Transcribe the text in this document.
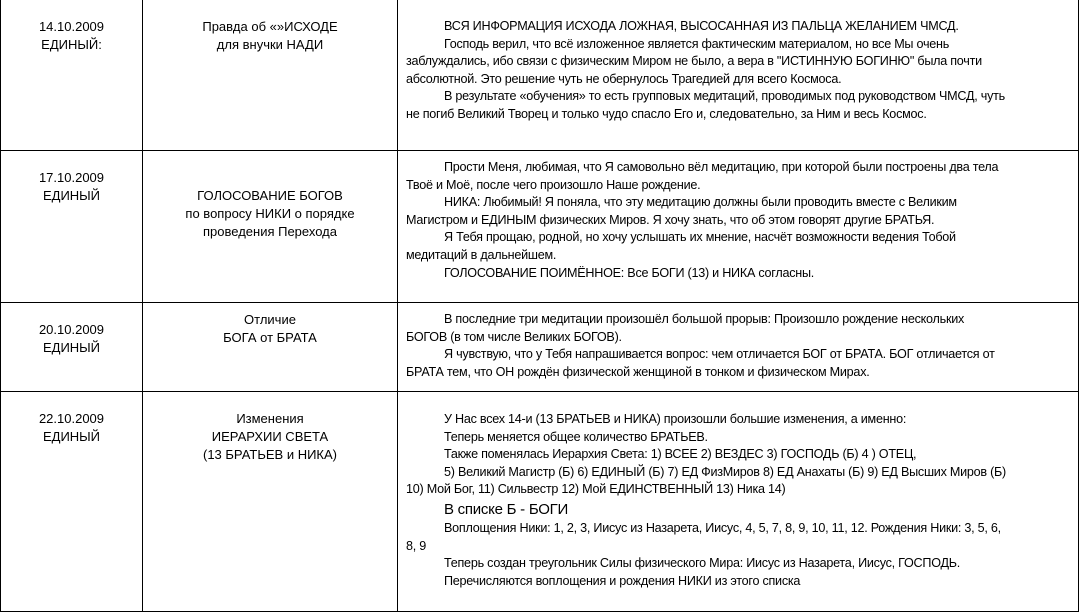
14.10.2009
ЕДИНЫЙ:
Правда об «»ИСХОДЕ
для внучки НАДИ
ВСЯ ИНФОРМАЦИЯ ИСХОДА ЛОЖНАЯ, ВЫСОСАННАЯ ИЗ ПАЛЬЦА ЖЕЛАНИЕМ ЧМСД.
Господь верил, что всё изложенное является фактическим материалом, но все Мы очень
заблуждались, ибо связи с физическим Миром не было, а вера в "ИСТИННУЮ БОГИНЮ" была почти
абсолютной. Это решение чуть не обернулось Трагедией для всего Космоса.
В результате «обучения» то есть групповых медитаций, проводимых под руководством ЧМСД, чуть
не погиб Великий Творец и только чудо спасло Его и, следовательно, за Ним и весь Космос.
17.10.2009
ЕДИНЫЙ	ГОЛОСОВАНИЕ БОГОВ
по вопросу НИКИ о порядке
проведения Перехода
Прости Меня, любимая, что Я самовольно вёл медитацию, при которой были построены два тела
Твоё и Моё, после чего произошло Наше рождение.
НИКА: Любимый! Я поняла, что эту медитацию должны были проводить вместе с Великим
Магистром и ЕДИНЫМ физических Миров. Я хочу знать, что об этом говорят другие БРАТЬЯ.
Я Тебя прощаю, родной, но хочу услышать их мнение, насчёт возможности ведения Тобой
медитаций в дальнейшем.
ГОЛОСОВАНИЕ ПОИМЁННОЕ: Все БОГИ (13) и НИКА согласны.
20.10.2009
ЕДИНЫЙ
Отличие
БОГА от БРАТА
В последние три медитации произошёл большой прорыв: Произошло рождение нескольких
БОГОВ (в том числе Великих БОГОВ).
Я чувствую, что у Тебя напрашивается вопрос: чем отличается БОГ от БРАТА. БОГ отличается от
БРАТА тем, что ОН рождён физической женщиной в тонком и физическом Мирах.
22.10.2009
ЕДИНЫЙ
Изменения
ИЕРАРХИИ СВЕТА
(13 БРАТЬЕВ и НИКА)
У Нас всех 14-и (13 БРАТЬЕВ и НИКА) произошли большие изменения, а именно:
Теперь меняется общее количество БРАТЬЕВ.
Также поменялась Иерархия Света: 1) ВСЕЕ 2) ВЕЗДЕС 3) ГОСПОДЬ (Б) 4 ) ОТЕЦ,
5) Великий Магистр (Б) 6) ЕДИНЫЙ (Б) 7) ЕД ФизМиров 8) ЕД Анахаты (Б) 9) ЕД Высших Миров (Б)
10) Мой Бог, 11) Сильвестр 12) Мой ЕДИНСТВЕННЫЙ 13) Ника 14)
В списке Б - БОГИ
Воплощения Ники: 1, 2, 3, Иисус из Назарета, Иисус, 4, 5, 7, 8, 9, 10, 11, 12. Рождения Ники: 3, 5, 6,
8, 9
Теперь создан треугольник Силы физического Мира: Иисус из Назарета, Иисус, ГОСПОДЬ.
Перечисляются воплощения и рождения НИКИ из этого списка
